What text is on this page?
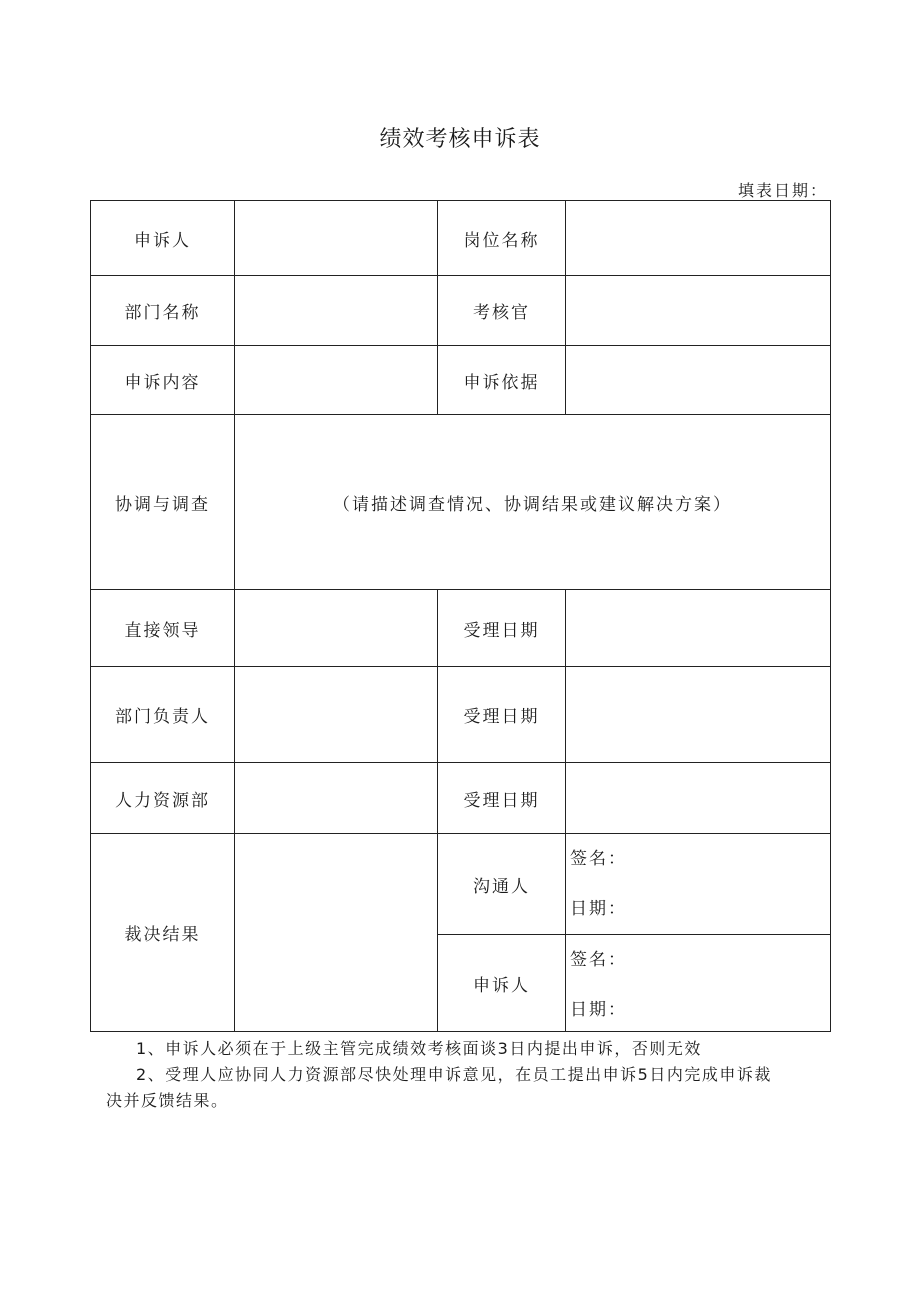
绩效考核申诉表
填表日期：
申诉人		岗位名称	
部门名称		考核官	
申诉内容		申诉依据	
协调与调查	（请描述调查情况、协调结果或建议解决方案）		
直接领导		受理日期	
部门负责人		受理日期	
人力资源部		受理日期	
裁决结果		沟通人	签名：
日期：

		申诉人	签名：
日期：

1、申诉人必须在于上级主管完成绩效考核面谈3日内提出申诉，否则无效

2、受理人应协同人力资源部尽快处理申诉意见，在员工提出申诉5日内完成申诉裁

决并反馈结果。
